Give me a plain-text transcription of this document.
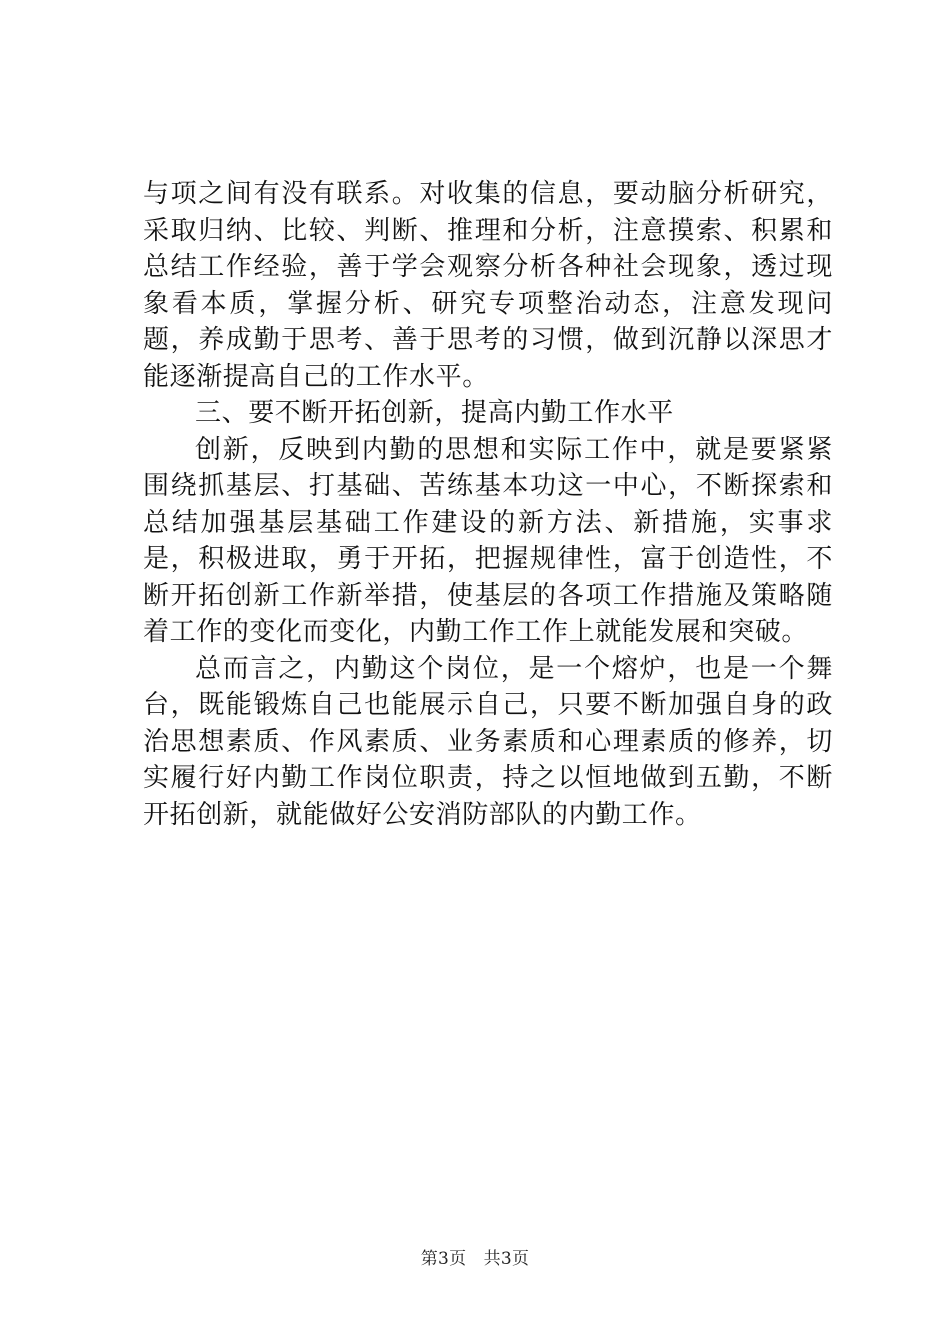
与项之间有没有联系。对收集的信息，要动脑分析研究，采取归纳、比较、判断、推理和分析，注意摸索、积累和总结工作经验，善于学会观察分析各种社会现象，透过现象看本质，掌握分析、研究专项整治动态，注意发现问题，养成勤于思考、善于思考的习惯，做到沉静以深思才能逐渐提高自己的工作水平。

三、要不断开拓创新，提高内勤工作水平

创新，反映到内勤的思想和实际工作中，就是要紧紧围绕抓基层、打基础、苦练基本功这一中心，不断探索和总结加强基层基础工作建设的新方法、新措施，实事求是，积极进取，勇于开拓，把握规律性，富于创造性，不断开拓创新工作新举措，使基层的各项工作措施及策略随着工作的变化而变化，内勤工作工作上就能发展和突破。

总而言之，内勤这个岗位，是一个熔炉，也是一个舞台，既能锻炼自己也能展示自己，只要不断加强自身的政治思想素质、作风素质、业务素质和心理素质的修养，切实履行好内勤工作岗位职责，持之以恒地做到五勤，不断开拓创新，就能做好公安消防部队的内勤工作。

第3页 共3页
